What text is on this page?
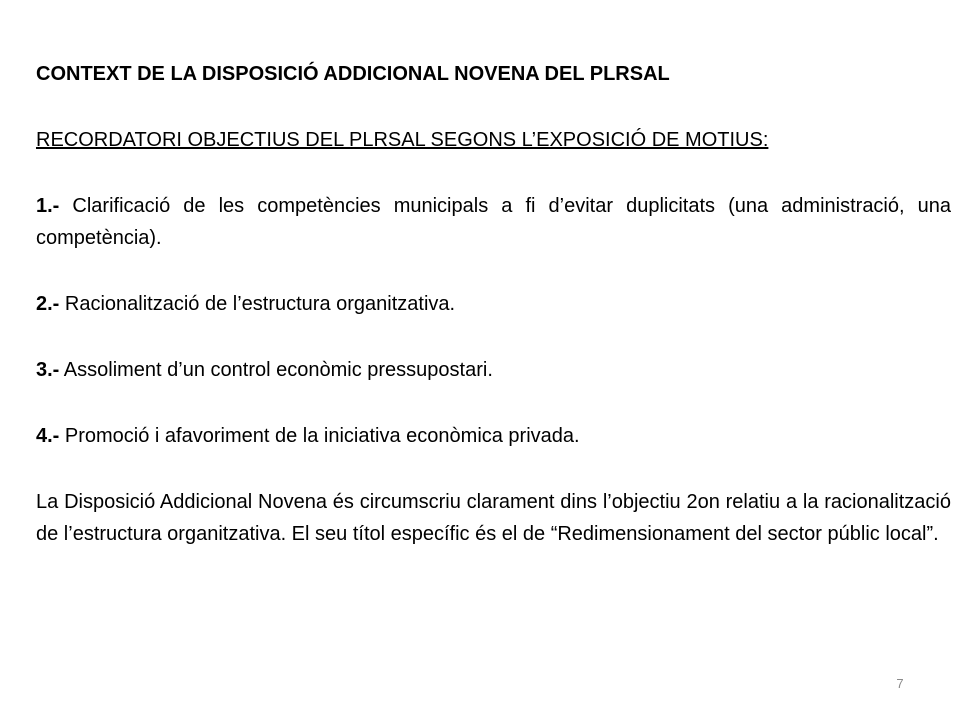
CONTEXT DE LA DISPOSICIÓ ADDICIONAL NOVENA DEL PLRSAL

RECORDATORI OBJECTIUS DEL PLRSAL SEGONS L’EXPOSICIÓ DE MOTIUS:

1.- Clarificació de les competències municipals a fi d’evitar duplicitats (una administració, una competència).

2.- Racionalització de l’estructura organitzativa.

3.- Assoliment d’un control econòmic pressupostari.

4.- Promoció i afavoriment de la iniciativa econòmica privada.

La Disposició Addicional Novena és circumscriu clarament dins l’objectiu 2on relatiu a la racionalització de l’estructura organitzativa. El seu títol específic és el de “Redimensionament del sector públic local”.

7
